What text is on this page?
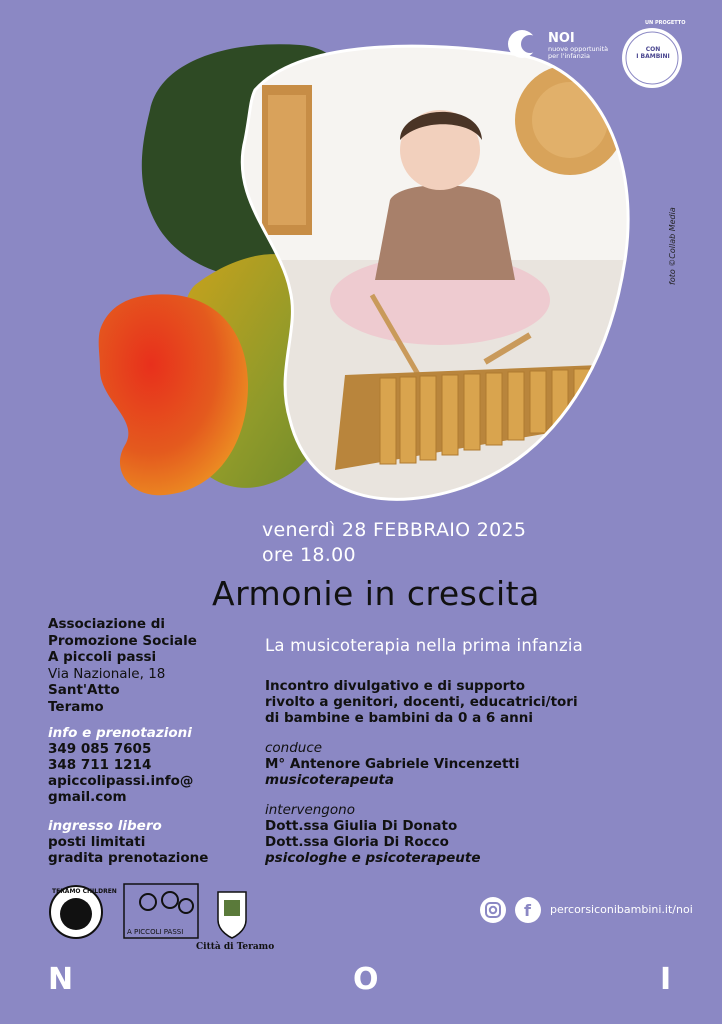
NOI
nuove opportunità
per l'infanzia
CON
I BAMBINI
UN PROGETTO
foto ©Collab Media
venerdì 28 FEBBRAIO 2025
ore 18.00
Armonie in crescita
Associazione di
Promozione Sociale
A piccoli passi
Via Nazionale, 18
Sant'Atto
Teramo
info e prenotazioni
349 085 7605
348 711 1214
apiccolipassi.info@
gmail.com
ingresso libero
posti limitati
gradita prenotazione
La musicoterapia nella prima infanzia
Incontro divulgativo e di supporto
rivolto a genitori, docenti, educatrici/tori
di bambine e bambini da 0 a 6 anni
conduce
M° Antenore Gabriele Vincenzetti
musicoterapeuta
intervengono
Dott.ssa Giulia Di Donato
Dott.ssa Gloria Di Rocco
psicologhe e psicoterapeute
TERAMO CHILDREN
A PICCOLI PASSI
Città di Teramo
f percorsiconibambini.it/noi
N	O	I
